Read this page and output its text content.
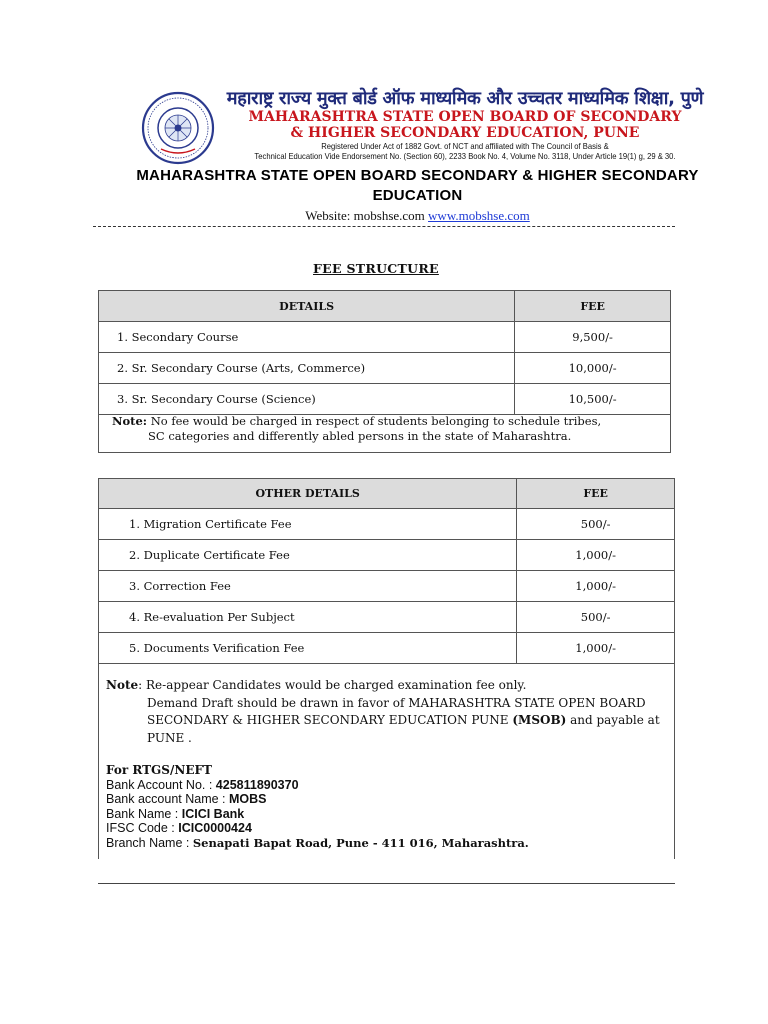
महाराष्ट्र राज्य मुक्त बोर्ड ऑफ माध्यमिक और उच्चतर माध्यमिक शिक्षा, पुणे
MAHARASHTRA STATE OPEN BOARD OF SECONDARY
& HIGHER SECONDARY EDUCATION, PUNE
Registered Under Act of 1882 Govt. of NCT and affiliated with The Council of Basis &
Technical Education Vide Endorsement No. (Section 60), 2233 Book No. 4, Volume No. 3118, Under Article 19(1) g, 29 & 30.
MAHARASHTRA STATE OPEN BOARD SECONDARY & HIGHER SECONDARY
EDUCATION
Website: mobshse.com www.mobshse.com
FEE STRUCTURE
DETAILS	FEE
1. Secondary Course	9,500/-
2. Sr. Secondary Course (Arts, Commerce)	10,000/-
3. Sr. Secondary Course (Science)	10,500/-
Note: No fee would be charged in respect of students belonging to schedule tribes,
SC categories and differently abled persons in the state of Maharashtra.
OTHER DETAILS	FEE
1. Migration Certificate Fee	500/-
2. Duplicate Certificate Fee	1,000/-
3. Correction Fee	1,000/-
4. Re-evaluation Per Subject	500/-
5. Documents Verification Fee	1,000/-
Note: Re-appear Candidates would be charged examination fee only.
Demand Draft should be drawn in favor of MAHARASHTRA STATE OPEN BOARD
SECONDARY & HIGHER SECONDARY EDUCATION PUNE (MSOB) and payable at
PUNE .
For RTGS/NEFT
Bank Account No. : 425811890370
Bank account Name : MOBS
Bank Name : ICICI Bank
IFSC Code : ICIC0000424
Branch Name : Senapati Bapat Road, Pune - 411 016, Maharashtra.
